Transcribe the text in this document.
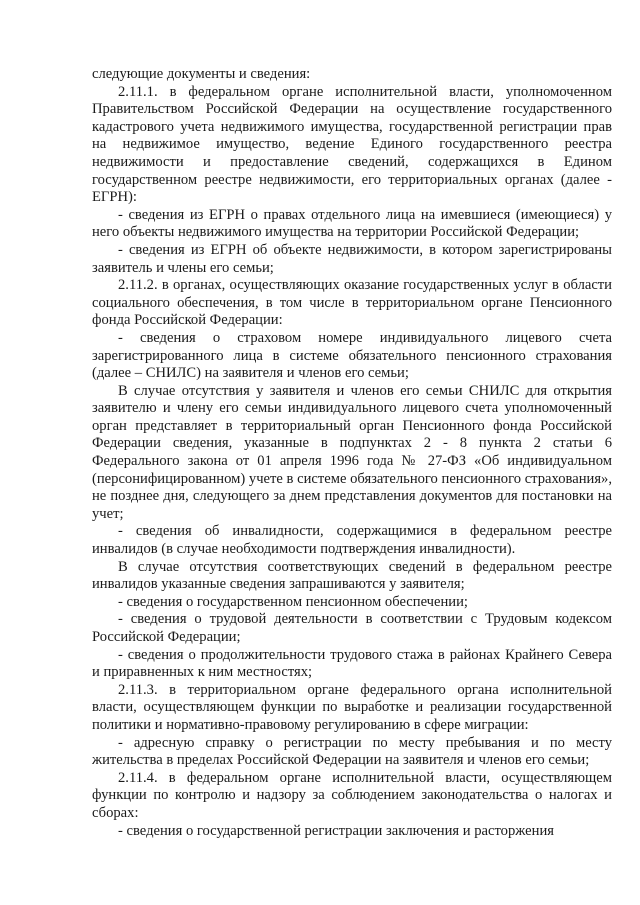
следующие документы и сведения:

2.11.1. в федеральном органе исполнительной власти, уполномоченном Правительством Российской Федерации на осуществление государственного кадастрового учета недвижимого имущества, государственной регистрации прав на недвижимое имущество, ведение Единого государственного реестра недвижимости и предоставление сведений, содержащихся в Едином государственном реестре недвижимости, его территориальных органах (далее - ЕГРН):

- сведения из ЕГРН о правах отдельного лица на имевшиеся (имеющиеся) у него объекты недвижимого имущества на территории Российской Федерации;

- сведения из ЕГРН об объекте недвижимости, в котором зарегистрированы заявитель и члены его семьи;

2.11.2. в органах, осуществляющих оказание государственных услуг в области социального обеспечения, в том числе в территориальном органе Пенсионного фонда Российской Федерации:

- сведения о страховом номере индивидуального лицевого счета зарегистрированного лица в системе обязательного пенсионного страхования (далее – СНИЛС) на заявителя и членов его семьи;

В случае отсутствия у заявителя и членов его семьи СНИЛС для открытия заявителю и члену его семьи индивидуального лицевого счета уполномоченный орган представляет в территориальный орган Пенсионного фонда Российской Федерации сведения, указанные в подпунктах 2 - 8 пункта 2 статьи 6 Федерального закона от 01 апреля 1996 года № 27-ФЗ «Об индивидуальном (персонифицированном) учете в системе обязательного пенсионного страхования», не позднее дня, следующего за днем представления документов для постановки на учет;

- сведения об инвалидности, содержащимися в федеральном реестре инвалидов (в случае необходимости подтверждения инвалидности).

В случае отсутствия соответствующих сведений в федеральном реестре инвалидов указанные сведения запрашиваются у заявителя;

- сведения о государственном пенсионном обеспечении;

- сведения о трудовой деятельности в соответствии с Трудовым кодексом Российской Федерации;

- сведения о продолжительности трудового стажа в районах Крайнего Севера и приравненных к ним местностях;

2.11.3. в территориальном органе федерального органа исполнительной власти, осуществляющем функции по выработке и реализации государственной политики и нормативно-правовому регулированию в сфере миграции:

- адресную справку о регистрации по месту пребывания и по месту жительства в пределах Российской Федерации на заявителя и членов его семьи;

2.11.4. в федеральном органе исполнительной власти, осуществляющем функции по контролю и надзору за соблюдением законодательства о налогах и сборах:

- сведения о государственной регистрации заключения и расторжения
